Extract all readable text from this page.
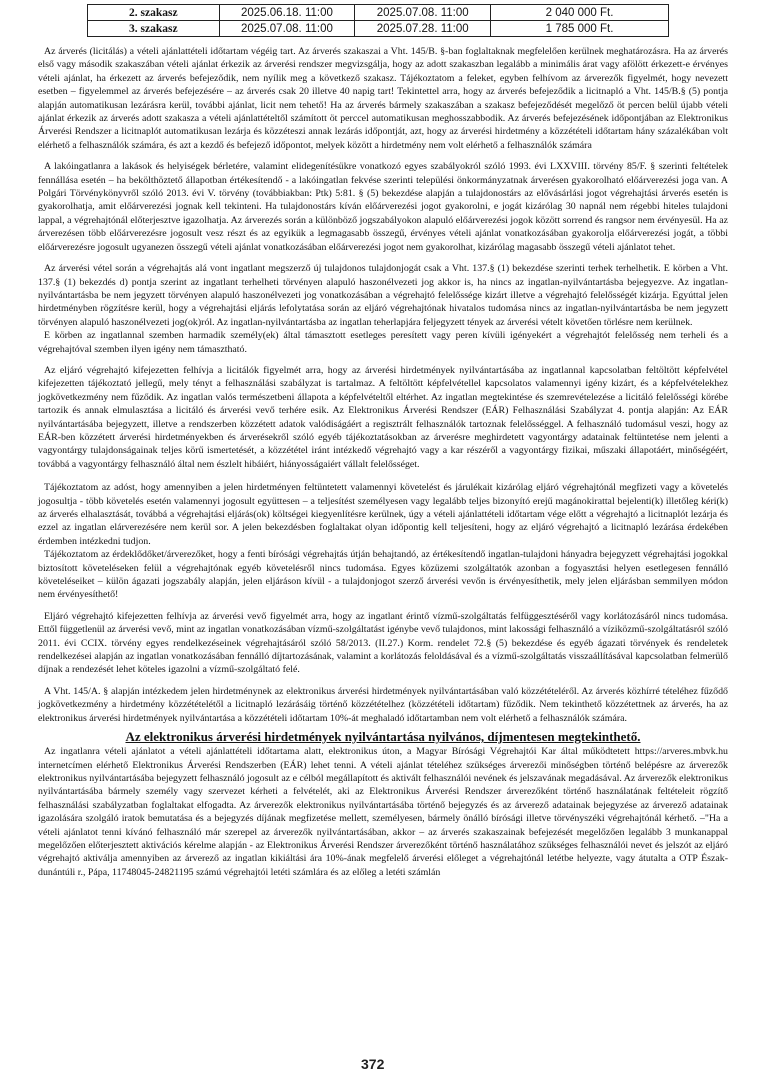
2. szakasz	2025.06.18. 11:00	2025.07.08. 11:00	2 040 000 Ft.
3. szakasz	2025.07.08. 11:00	2025.07.28. 11:00	1 785 000 Ft.

Az árverés (licitálás) a vételi ajánlattételi időtartam végéig tart. Az árverés szakaszai a Vht. 145/B. §-ban foglaltaknak megfelelően kerülnek meghatározásra. Ha az árverés első vagy második szakaszában vételi ajánlat érkezik az árverési rendszer megvizsgálja, hogy az adott szakaszban legalább a minimális árat vagy afölött érkezett-e érvényes vételi ajánlat, ha érkezett az árverés befejeződik, nem nyílik meg a következő szakasz. Tájékoztatom a feleket, egyben felhívom az árverezők figyelmét, hogy nevezett esetben – figyelemmel az árverés befejezésére – az árverés csak 20 illetve 40 napig tart! Tekintettel arra, hogy az árverés befejeződik a licitnapló a Vht. 145/B.§ (5) pontja alapján automatikusan lezárásra kerül, további ajánlat, licit nem tehető! Ha az árverés bármely szakaszában a szakasz befejeződését megelőző öt percen belül újabb vételi ajánlat érkezik az árverés adott szakasza a vételi ajánlattételtől számított öt perccel automatikusan meghosszabbodik. Az árverés befejezésének időpontjában az Elektronikus Árverési Rendszer a licitnaplót automatikusan lezárja és közzéteszi annak lezárás időpontját, azt, hogy az árverési hirdetmény a közzétételi időtartam hány százalékában volt elérhető a felhasználók számára, és azt a kezdő és befejező időpontot, melyek között a hirdetmény nem volt elérhető a felhasználók számára

A lakóingatlanra a lakások és helyiségek bérletére, valamint elidegenítésükre vonatkozó egyes szabályokról szóló 1993. évi LXXVIII. törvény 85/F. § szerinti feltételek fennállása esetén – ha bekölthöztető állapotban értékesítendő - a lakóingatlan fekvése szerinti települési önkormányzatnak árverésen gyakorolható előárverezési joga van. A Polgári Törvénykönyvről szóló 2013. évi V. törvény (továbbiakban: Ptk) 5:81. § (5) bekezdése alapján a tulajdonostárs az elővásárlási jogot végrehajtási árverés esetén is gyakorolhatja, amit előárverezési jognak kell tekinteni. Ha tulajdonostárs kíván előárverezési jogot gyakorolni, e jogát kizárólag 30 napnál nem régebbi hiteles tulajdoni lappal, a végrehajtónál előterjesztve igazolhatja. Az árverezés során a különböző jogszabályokon alapuló előárverezési jogok között sorrend és rangsor nem érvényesül. Ha az árverezésen több előárverezésre jogosult vesz részt és az egyikük a legmagasabb összegű, érvényes vételi ajánlat vonatkozásában gyakorolja előárverezési jogát, a többi előárverezésre jogosult ugyanezen összegű vételi ajánlat vonatkozásában előárverezési jogot nem gyakorolhat, kizárólag magasabb összegű vételi ajánlatot tehet.

Az árverési vétel során a végrehajtás alá vont ingatlant megszerző új tulajdonos tulajdonjogát csak a Vht. 137.§ (1) bekezdése szerinti terhek terhelhetik. E körben a Vht. 137.§ (1) bekezdés d) pontja szerint az ingatlant terhelheti törvényen alapuló haszonélvezeti jog akkor is, ha nincs az ingatlan-nyilvántartásba bejegyezve. Az ingatlan-nyilvántartásba be nem jegyzett törvényen alapuló haszonélvezeti jog vonatkozásában a végrehajtó felelőssége kizárt illetve a végrehajtó felelősségét kizárja. Egyúttal jelen hirdetményben rögzítésre kerül, hogy a végrehajtási eljárás lefolytatása során az eljáró végrehajtónak hivatalos tudomása nincs az ingatlan-nyilvántartásba be nem jegyzett törvényen alapuló haszonélvezeti jog(ok)ról. Az ingatlan-nyilvántartásba az ingatlan teherlapjára feljegyzett tények az árverési vételt követően törlésre nem kerülnek.

E körben az ingatlannal szemben harmadik személy(ek) által támasztott esetleges peresített vagy peren kívüli igényekért a végrehajtót felelősség nem terheli és a végrehajtóval szemben ilyen igény nem támasztható.

Az eljáró végrehajtó kifejezetten felhívja a licitálók figyelmét arra, hogy az árverési hirdetmények nyilvántartásába az ingatlannal kapcsolatban feltöltött képfelvétel kifejezetten tájékoztató jellegű, mely tényt a felhasználási szabályzat is tartalmaz. A feltöltött képfelvétellel kapcsolatos valamennyi igény kizárt, és a képfelvételekhez jogkövetkezmény nem fűződik. Az ingatlan valós természetbeni állapota a képfelvételtől eltérhet. Az ingatlan megtekintése és szemrevételezése a licitáló felelősségi körébe tartozik és annak elmulasztása a licitáló és árverési vevő terhére esik. Az Elektronikus Árverési Rendszer (EÁR) Felhasználási Szabályzat 4. pontja alapján: Az EÁR nyilvántartásába bejegyzett, illetve a rendszerben közzétett adatok valódiságáért a regisztrált felhasználók tartoznak felelősséggel. A felhasználó tudomásul veszi, hogy az EÁR-ben közzétett árverési hirdetményekben és árverésekről szóló egyéb tájékoztatásokban az árverésre meghirdetett vagyontárgy adatainak feltüntetése nem jelenti a vagyontárgy tulajdonságainak teljes körű ismertetését, a közzététel iránt intézkedő végrehajtó vagy a kar részéről a vagyontárgy fizikai, műszaki állapotáért, minőségéért, továbbá a vagyontárgy felhasználó által nem észlelt hibáiért, hiányosságaiért vállalt felelősséget.

Tájékoztatom az adóst, hogy amennyiben a jelen hirdetményen feltüntetett valamennyi követelést és járulékait kizárólag eljáró végrehajtónál megfizeti vagy a követelés jogosultja - több követelés esetén valamennyi jogosult együttesen – a teljesítést személyesen vagy legalább teljes bizonyító erejű magánokirattal bejelenti(k) illetőleg kéri(k) az árverés elhalasztását, továbbá a végrehajtási eljárás(ok) költségei kiegyenlítésre kerülnek, úgy a vételi ajánlattételi időtartam vége előtt a végrehajtó a licitnaplót lezárja és ezzel az ingatlan elárverezésére nem kerül sor. A jelen bekezdésben foglaltakat olyan időpontig kell teljesíteni, hogy az eljáró végrehajtó a licitnapló lezárása érdekében érdemben intézkedni tudjon.

Tájékoztatom az érdeklődőket/árverezőket, hogy a fenti bírósági végrehajtás útján behajtandó, az értékesítendő ingatlan-tulajdoni hányadra bejegyzett végrehajtási jogokkal biztosított követeléseken felül a végrehajtónak egyéb követelésről nincs tudomása. Egyes közüzemi szolgáltatók azonban a fogyasztási helyen esetlegesen fennálló követeléseiket – külön ágazati jogszabály alapján, jelen eljáráson kívül - a tulajdonjogot szerző árverési vevőn is érvényesíthetik, mely jelen eljárásban semmilyen módon nem érvényesíthető!

Eljáró végrehajtó kifejezetten felhívja az árverési vevő figyelmét arra, hogy az ingatlant érintő vízmű-szolgáltatás felfüggesztéséről vagy korlátozásáról nincs tudomása. Ettől függetlenül az árverési vevő, mint az ingatlan vonatkozásában vízmű-szolgáltatást igénybe vevő tulajdonos, mint lakossági felhasználó a víziközmű-szolgáltatásról szóló 2011. évi CCIX. törvény egyes rendelkezéseinek végrehajtásáról szóló 58/2013. (II.27.) Korm. rendelet 72.§ (5) bekezdése és egyéb ágazati törvények és rendeletek rendelkezései alapján az ingatlan vonatkozásában fennálló díjtartozásának, valamint a korlátozás feloldásával és a vízmű-szolgáltatás visszaállításával kapcsolatban felmerülő díjnak a rendezését lehet köteles igazolni a vízmű-szolgáltató felé.

A Vht. 145/A. § alapján intézkedem jelen hirdetménynek az elektronikus árverési hirdetmények nyilvántartásában való közzétételéről. Az árverés közhírré tételéhez fűződő jogkövetkezmény a hirdetmény közzétételétől a licitnapló lezárásáig történő közzétételhez (közzétételi időtartam) fűződik. Nem tekinthető közzétettnek az árverés, ha az elektronikus árverési hirdetmények nyilvántartása a közzétételi időtartam 10%-át meghaladó időtartamban nem volt elérhető a felhasználók számára.

Az elektronikus árverési hirdetmények nyilvántartása nyilvános, díjmentesen megtekinthető.

Az ingatlanra vételi ajánlatot a vételi ajánlattételi időtartama alatt, elektronikus úton, a Magyar Bírósági Végrehajtói Kar által működtetett https://arveres.mbvk.hu internetcímen elérhető Elektronikus Árverési Rendszerben (EÁR) lehet tenni. A vételi ajánlat tételéhez szükséges árverezői minőségben történő belépésre az árverezők elektronikus nyilvántartásába bejegyzett felhasználó jogosult az e célból megállapított és aktivált felhasználói nevének és jelszavának megadásával. Az árverezők elektronikus nyilvántartásába bármely személy vagy szervezet kérheti a felvételét, aki az Elektronikus Árverési Rendszer árverezőként történő használatának feltételeit rögzítő felhasználási szabályzatban foglaltakat elfogadta. Az árverezők elektronikus nyilvántartásába történő bejegyzés és az árverező adatainak bejegyzése az árverező adatainak igazolására szolgáló iratok bemutatása és a bejegyzés díjának megfizetése mellett, személyesen, bármely önálló bírósági illetve törvényszéki végrehajtónál kérhető. –"Ha a vételi ajánlatot tenni kívánó felhasználó már szerepel az árverezők nyilvántartásában, akkor – az árverés szakaszainak befejezését megelőzően legalább 3 munkanappal megelőzően előterjesztett aktivációs kérelme alapján - az Elektronikus Árverési Rendszer árverezőként történő használatához szükséges felhasználói nevet és jelszót az eljáró végrehajtó aktiválja amennyiben az árverező az ingatlan kikiáltási ára 10%-ának megfelelő árverési előleget a végrehajtónál letétbe helyezte, vagy átutalta a OTP Észak-dunántúli r., Pápa, 11748045-24821195 számú végrehajtói letéti számlára és az előleg a letéti számlán

372
